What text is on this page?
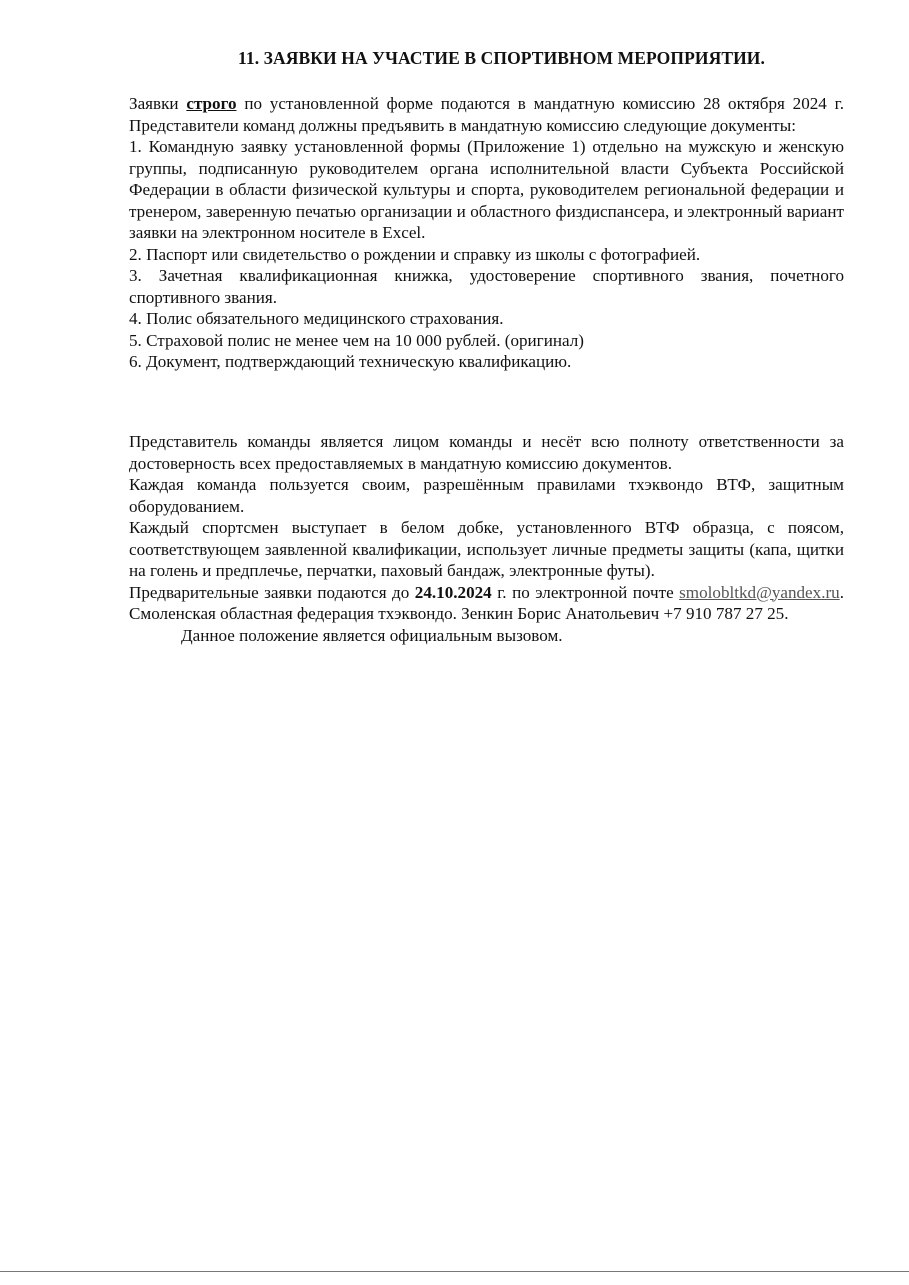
11. ЗАЯВКИ НА УЧАСТИЕ В СПОРТИВНОМ МЕРОПРИЯТИИ.

Заявки строго по установленной форме подаются в мандатную комиссию 28 октября 2024 г. Представители команд должны предъявить в мандатную комиссию следующие документы:

1. Командную заявку установленной формы (Приложение 1) отдельно на мужскую и женскую группы, подписанную руководителем органа исполнительной власти Субъекта Российской Федерации в области физической культуры и спорта, руководителем региональной федерации и тренером, заверенную печатью организации и областного физдиспансера, и электронный вариант заявки на электронном носителе в Excel.

2. Паспорт или свидетельство о рождении и справку из школы с фотографией.

3. Зачетная квалификационная книжка, удостоверение спортивного звания, почетного спортивного звания.

4. Полис обязательного медицинского страхования.

5. Страховой полис не менее чем на 10 000 рублей. (оригинал)

6. Документ, подтверждающий техническую квалификацию.

Представитель команды является лицом команды и несёт всю полноту ответственности за достоверность всех предоставляемых в мандатную комиссию документов.

Каждая команда пользуется своим, разрешённым правилами тхэквондо ВТФ, защитным оборудованием.

Каждый спортсмен выступает в белом добке, установленного ВТФ образца, с поясом, соответствующем заявленной квалификации, использует личные предметы защиты (капа, щитки на голень и предплечье, перчатки, паховый бандаж, электронные футы).

Предварительные заявки подаются до 24.10.2024 г. по электронной почте smolobltkd@yandex.ru. Смоленская областная федерация тхэквондо. Зенкин Борис Анатольевич +7 910 787 27 25.

Данное положение является официальным вызовом.
